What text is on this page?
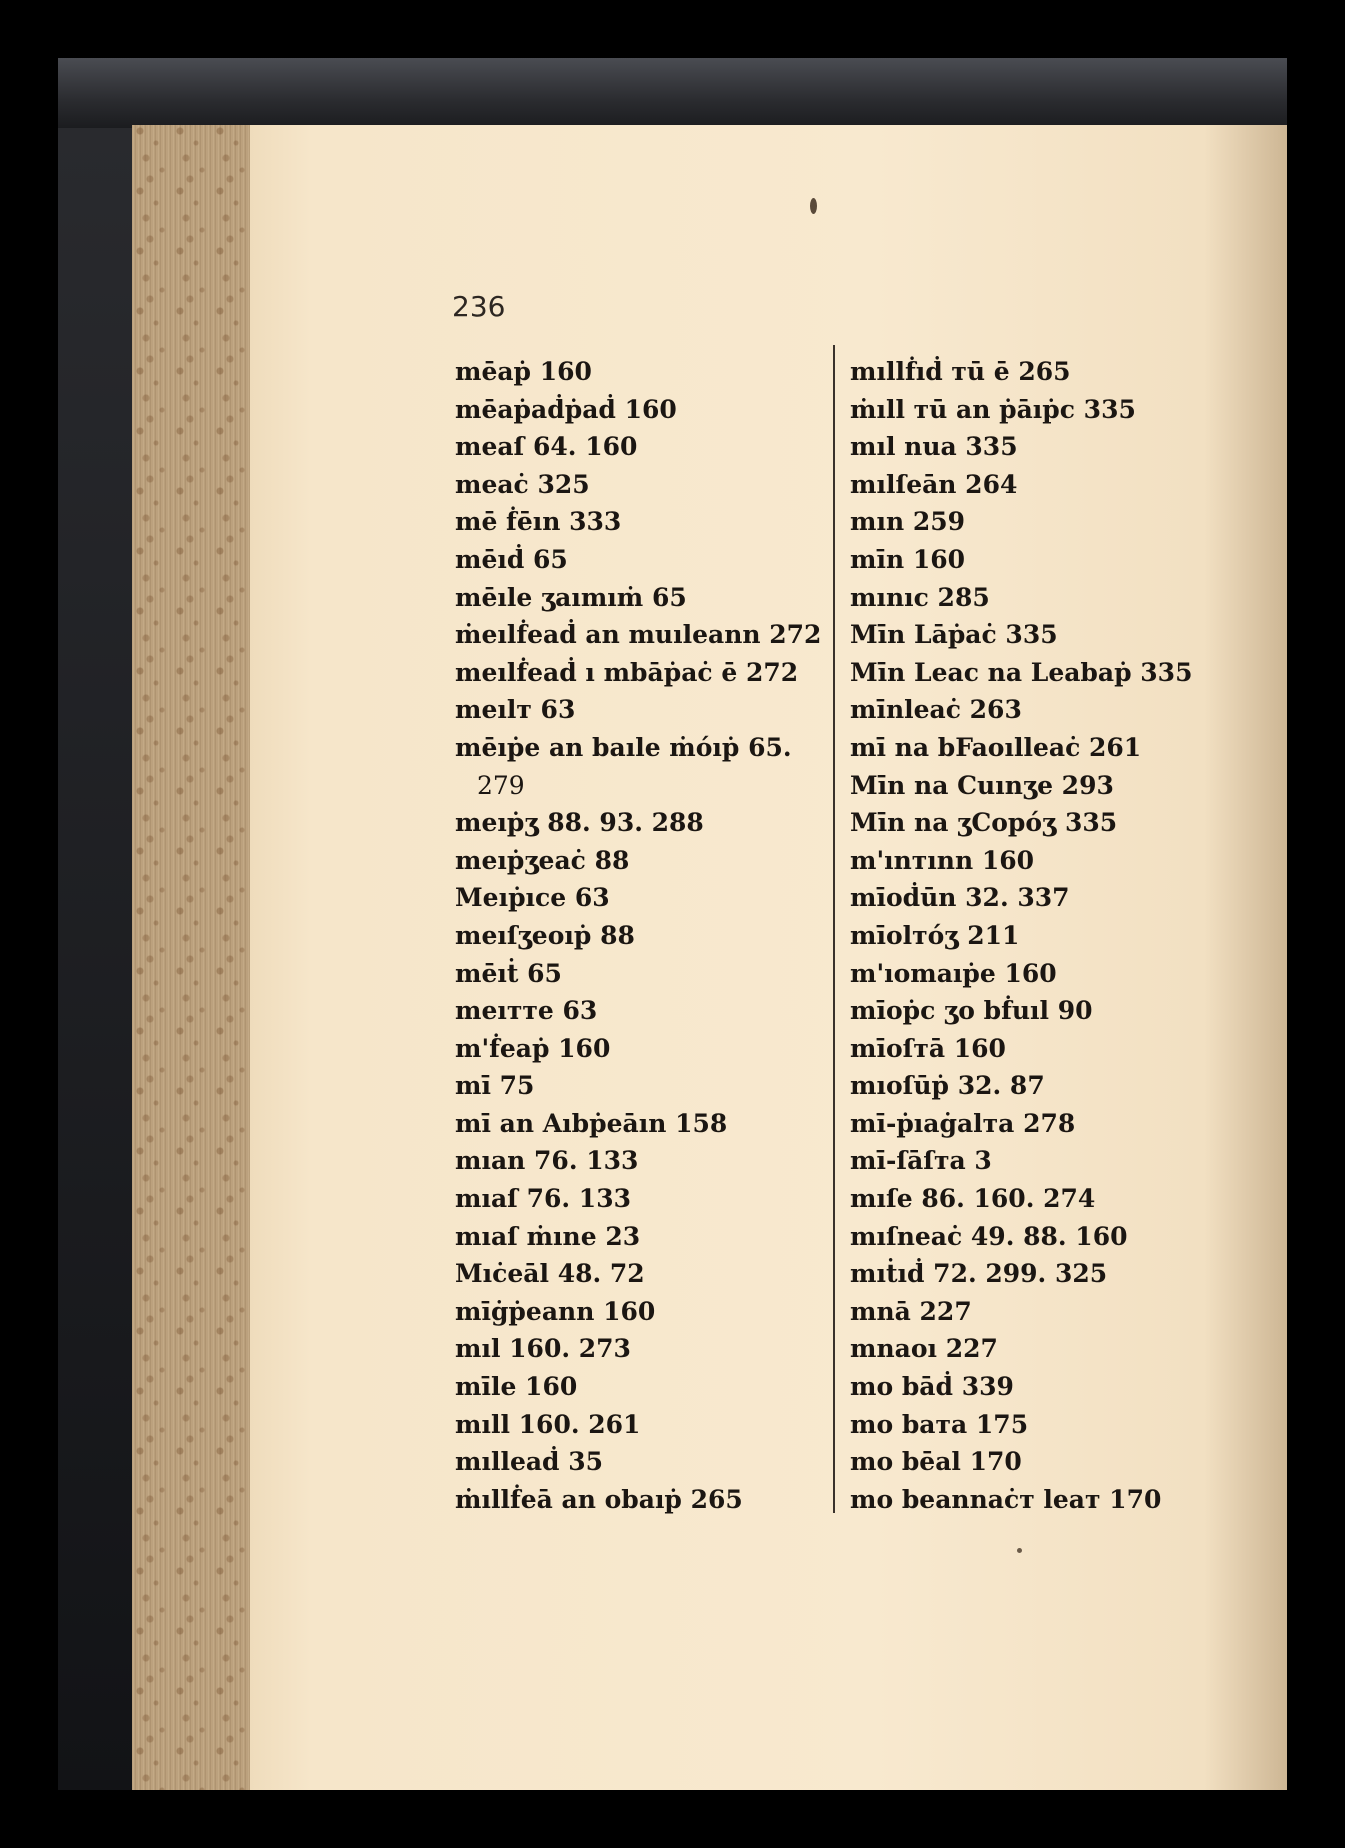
236
mēaṗ 160
mēaṗaḋṗaḋ 160
meaſ 64. 160
meaċ 325
mē ḟēın 333
mēıḋ 65
mēıle ʒaımıṁ 65
ṁeılḟeaḋ an muıleann 272
meılḟeaḋ ı mbāṗaċ ē 272
meılт 63
mēıṗe an baıle ṁóıṗ 65.
279
meıṗʒ 88. 93. 288
meıṗʒeaċ 88
Meıṗıce 63
meıſʒeoıṗ 88
mēıṫ 65
meıттe 63
m'ḟeaṗ 160
mī 75
mī an Aıbṗeāın 158
mıan 76. 133
mıaſ 76. 133
mıaſ ṁıne 23
Mıċeāl 48. 72
mīġṗeann 160
mıl 160. 273
mīle 160
mıll 160. 261
mılleaḋ 35
ṁıllḟeā an obaıṗ 265
mıllḟıḋ тū ē 265
ṁıll тū an ṗāıṗc 335
mıl nua 335
mılſeān 264
mın 259
mīn 160
mınıc 285
Mīn Lāṗaċ 335
Mīn Leac na Leabaṗ 335
mīnleaċ 263
mī na bFaoılleaċ 261
Mīn na Cuınʒe 293
Mīn na ʒCopóʒ 335
m'ınтınn 160
mīoḋūn 32. 337
mīolтóʒ 211
m'ıomaıṗe 160
mīoṗc ʒo bḟuıl 90
mīoſтā 160
mıoſūṗ 32. 87
mī-ṗıaġalтa 278
mī-ſāſтa 3
mıſe 86. 160. 274
mıſneaċ 49. 88. 160
mıṫıḋ 72. 299. 325
mnā 227
mnaoı 227
mo bāḋ 339
mo baтa 175
mo bēal 170
mo beannaċт leaт 170
